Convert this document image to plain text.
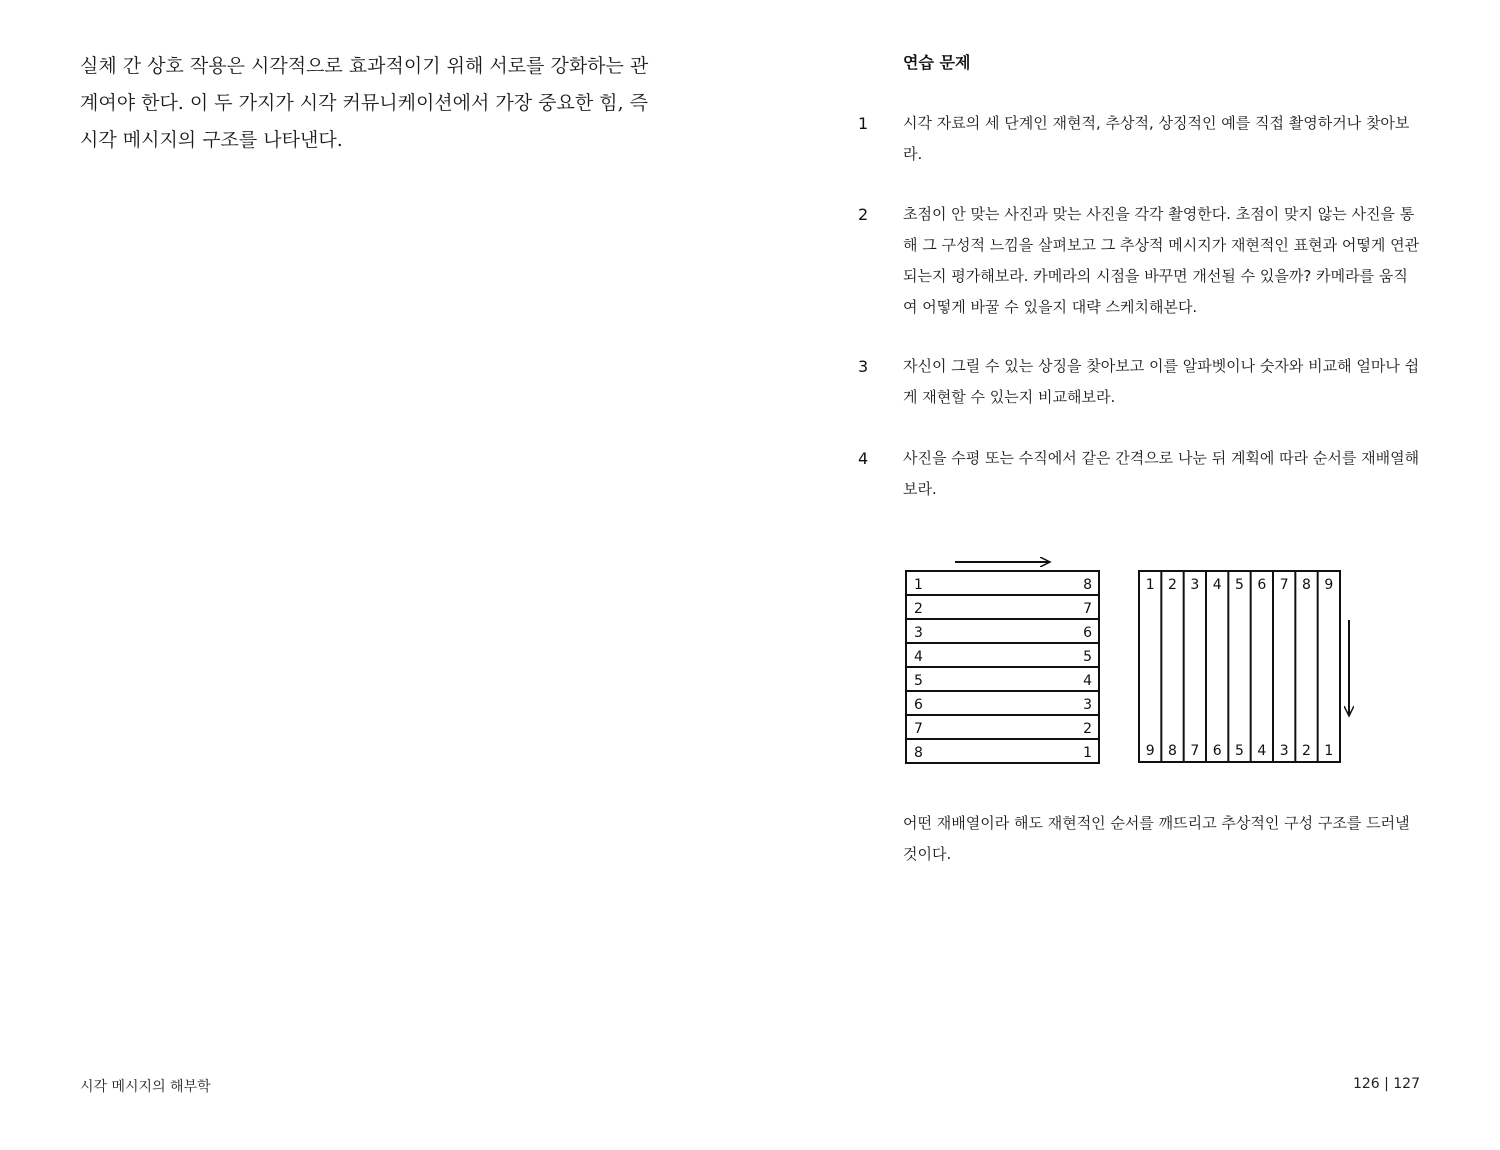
실체 간 상호 작용은 시각적으로 효과적이기 위해 서로를 강화하는 관계여야 한다. 이 두 가지가 시각 커뮤니케이션에서 가장 중요한 힘, 즉 시각 메시지의 구조를 나타낸다.

시각 메시지의 해부학
연습 문제
1 시각 자료의 세 단계인 재현적, 추상적, 상징적인 예를 직접 촬영하거나 찾아보라.

2 초점이 안 맞는 사진과 맞는 사진을 각각 촬영한다. 초점이 맞지 않는 사진을 통해 그 구성적 느낌을 살펴보고 그 추상적 메시지가 재현적인 표현과 어떻게 연관되는지 평가해보라. 카메라의 시점을 바꾸면 개선될 수 있을까? 카메라를 움직여 어떻게 바꿀 수 있을지 대략 스케치해본다.

3 자신이 그릴 수 있는 상징을 찾아보고 이를 알파벳이나 숫자와 비교해 얼마나 쉽게 재현할 수 있는지 비교해보라.

4 사진을 수평 또는 수직에서 같은 간격으로 나눈 뒤 계획에 따라 순서를 재배열해보라.

1
2
3
4
5
6
7
8
8
7
6
5
4
3
2
1
1 2 3 4 5 6 7 8 9
9 8 7 6 5 4 3 2 1

어떤 재배열이라 해도 재현적인 순서를 깨뜨리고 추상적인 구성 구조를 드러낼 것이다.

126 | 127
